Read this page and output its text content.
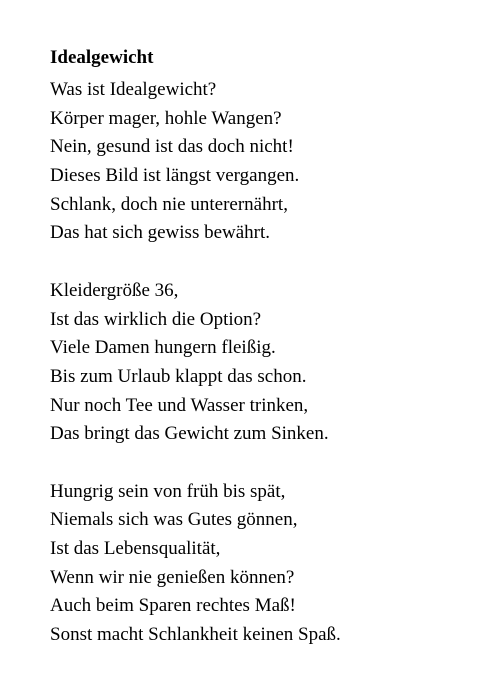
Idealgewicht
Was ist Idealgewicht?
Körper mager, hohle Wangen?
Nein, gesund ist das doch nicht!
Dieses Bild ist längst vergangen.
Schlank, doch nie unterernährt,
Das hat sich gewiss bewährt.
Kleidergröße 36,
Ist das wirklich die Option?
Viele Damen hungern fleißig.
Bis zum Urlaub klappt das schon.
Nur noch Tee und Wasser trinken,
Das bringt das Gewicht zum Sinken.
Hungrig sein von früh bis spät,
Niemals sich was Gutes gönnen,
Ist das Lebensqualität,
Wenn wir nie genießen können?
Auch beim Sparen rechtes Maß!
Sonst macht Schlankheit keinen Spaß.
